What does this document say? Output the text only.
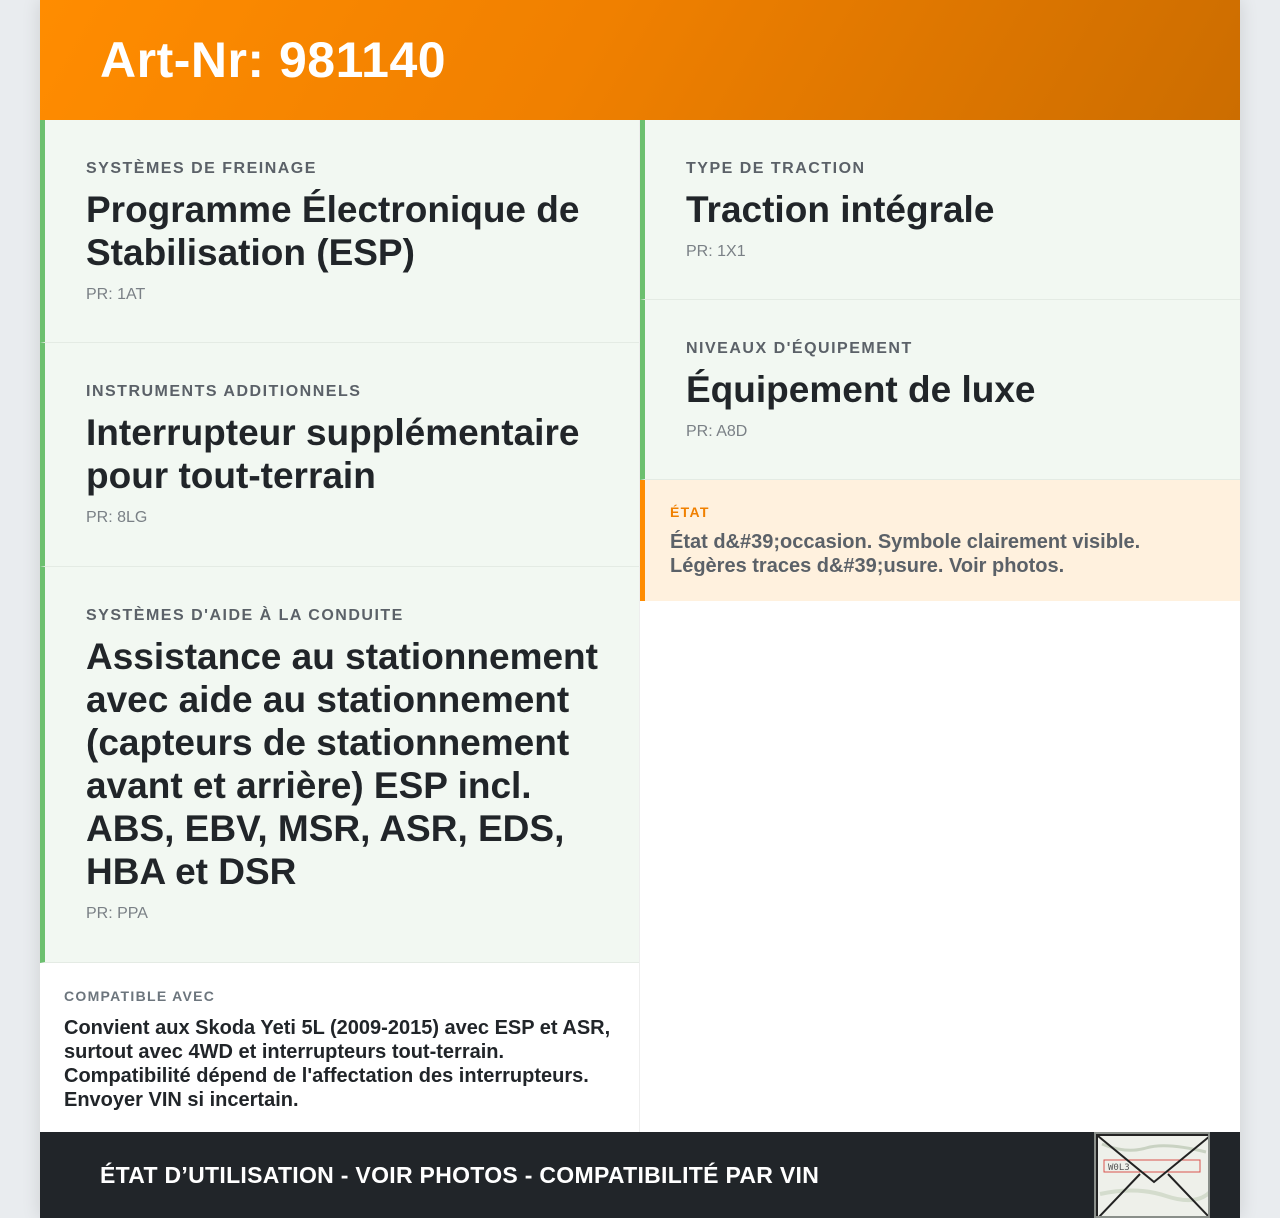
Art-Nr: 981140
SYSTÈMES DE FREINAGE
Programme Électronique de Stabilisation (ESP)
PR: 1AT
INSTRUMENTS ADDITIONNELS
Interrupteur supplémentaire pour tout-terrain
PR: 8LG
SYSTÈMES D'AIDE À LA CONDUITE
Assistance au stationnement avec aide au stationnement (capteurs de stationnement avant et arrière) ESP incl. ABS, EBV, MSR, ASR, EDS, HBA et DSR
PR: PPA
COMPATIBLE AVEC
Convient aux Skoda Yeti 5L (2009-2015) avec ESP et ASR, surtout avec 4WD et interrupteurs tout-terrain. Compatibilité dépend de l'affectation des interrupteurs. Envoyer VIN si incertain.
TYPE DE TRACTION
Traction intégrale
PR: 1X1
NIVEAUX D'ÉQUIPEMENT
Équipement de luxe
PR: A8D
ÉTAT
État d&#39;occasion. Symbole clairement visible. Légères traces d&#39;usure. Voir photos.
ÉTAT D’UTILISATION - VOIR PHOTOS - COMPATIBILITÉ PAR VIN	W0L3
